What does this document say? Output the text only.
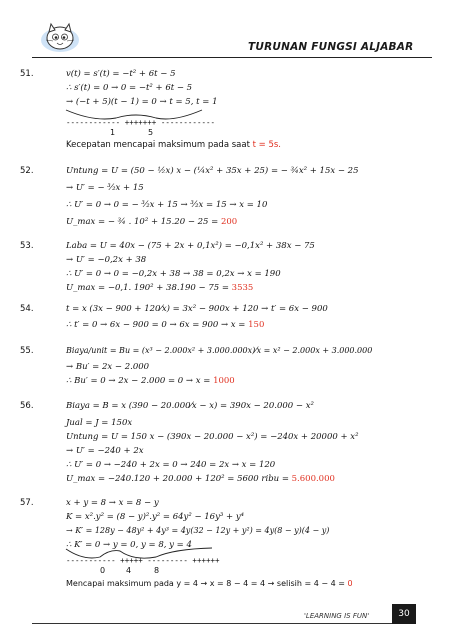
TURUNAN FUNGSI ALJABAR
51.	v(t) = s′(t) = −t² + 6t − 5
∴ s′(t) = 0 → 0 = −t² + 6t − 5
→ (−t + 5)(t − 1) = 0 → t = 5, t = 1
------------ +++++++ ------------
1	5
Kecepatan mencapai maksimum pada saat t = 5s.
52.	Untung = U = (50 − ½x) x − (¼x² + 35x + 25) = − ¾x² + 15x − 25
→ U′ = − ³⁄₂x + 15
∴ U′ = 0 → 0 = − ³⁄₂x + 15 → ³⁄₂x = 15 → x = 10
U_max = − ¾ . 10² + 15.20 − 25 = 200
53.	Laba = U = 40x − (75 + 2x + 0,1x²) = −0,1x² + 38x − 75
→ U′ = −0,2x + 38
∴ U′ = 0 → 0 = −0,2x + 38 → 38 = 0,2x → x = 190
U_max = −0,1. 190² + 38.190 − 75 = 3535
54.	t = x (3x − 900 + 120⁄x) = 3x² − 900x + 120 → t′ = 6x − 900
∴ t′ = 0 → 6x − 900 = 0 → 6x = 900 → x = 150
55.	Biaya/unit = Bu = (x³ − 2.000x² + 3.000.000x)⁄x = x² − 2.000x + 3.000.000
→ Bu′ = 2x − 2.000
∴ Bu′ = 0 → 2x − 2.000 = 0 → x = 1000
56.	Biaya = B = x (390 − 20.000⁄x − x) = 390x − 20.000 − x²
Jual = J = 150x
Untung = U = 150 x − (390x − 20.000 − x²) = −240x + 20000 + x²
→ U′ = −240 + 2x
∴ U′ = 0 → −240 + 2x = 0 → 240 = 2x → x = 120
U_max = −240.120 + 20.000 + 120² = 5600 ribu = 5.600.000
57.	x + y = 8 → x = 8 − y
K = x².y² = (8 − y)².y² = 64y² − 16y³ + y⁴
→ K′ = 128y − 48y² + 4y³ = 4y(32 − 12y + y²) = 4y(8 − y)(4 − y)
∴ K′ = 0 → y = 0, y = 8, y = 4
----------- +++++ --------- ++++++
0	4	8
Mencapai maksimum pada y = 4 → x = 8 − 4 = 4 → selisih = 4 − 4 = 0
'LEARNING IS FUN'	30
